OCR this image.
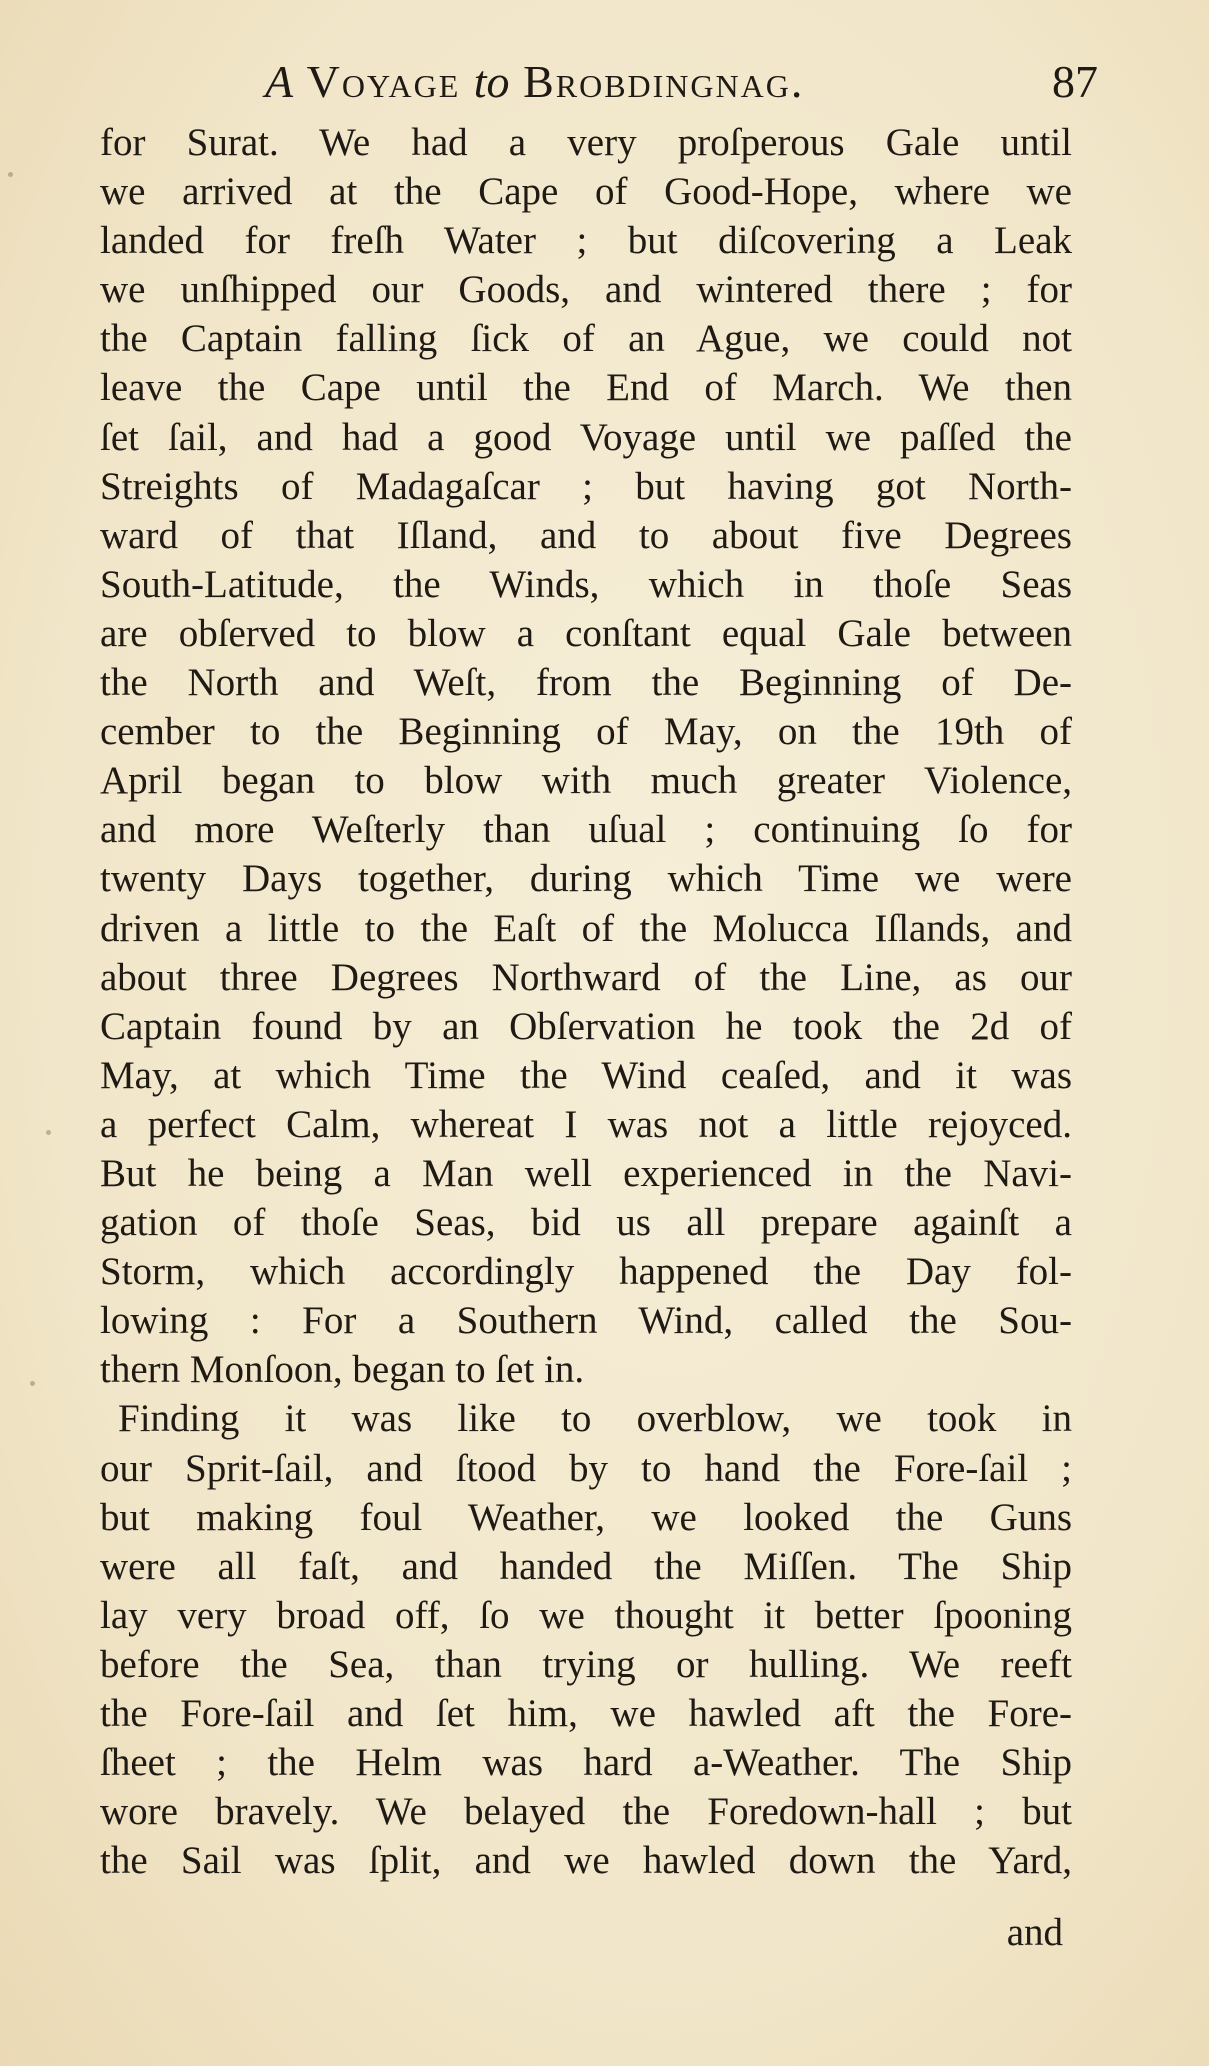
A Voyage to Brobdingnag.	87
for Surat. We had a very proſperous Gale until
we arrived at the Cape of Good-Hope, where we
landed for freſh Water ; but diſcovering a Leak
we unſhipped our Goods, and wintered there ; for
the Captain falling ſick of an Ague, we could not
leave the Cape until the End of March. We then
ſet ſail, and had a good Voyage until we paſſed the
Streights of Madagaſcar ; but having got North-
ward of that Iſland, and to about five Degrees
South-Latitude, the Winds, which in thoſe Seas
are obſerved to blow a conſtant equal Gale between
the North and Weſt, from the Beginning of De-
cember to the Beginning of May, on the 19th of
April began to blow with much greater Violence,
and more Weſterly than uſual ; continuing ſo for
twenty Days together, during which Time we were
driven a little to the Eaſt of the Molucca Iſlands, and
about three Degrees Northward of the Line, as our
Captain found by an Obſervation he took the 2d of
May, at which Time the Wind ceaſed, and it was
a perfect Calm, whereat I was not a little rejoyced.
But he being a Man well experienced in the Navi-
gation of thoſe Seas, bid us all prepare againſt a
Storm, which accordingly happened the Day fol-
lowing : For a Southern Wind, called the Sou-
thern Monſoon, began to ſet in.
Finding it was like to overblow, we took in
our Sprit-ſail, and ſtood by to hand the Fore-ſail ;
but making foul Weather, we looked the Guns
were all faſt, and handed the Miſſen. The Ship
lay very broad off, ſo we thought it better ſpooning
before the Sea, than trying or hulling. We reeft
the Fore-ſail and ſet him, we hawled aft the Fore-
ſheet ; the Helm was hard a-Weather. The Ship
wore bravely. We belayed the Foredown-hall ; but
the Sail was ſplit, and we hawled down the Yard,
and
